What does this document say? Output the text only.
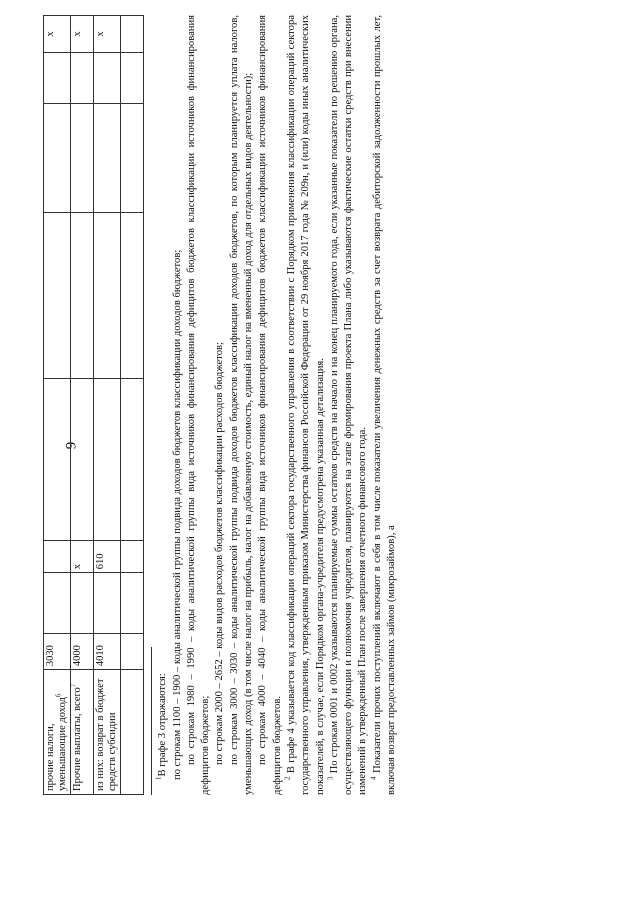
9
прочие налоги, уменьшающие доход$^6$	3030							х
Прочие выплаты, всего$^7$	4000		х					х
из них: возврат в бюджет средств субсидии	4010		610					х

$^1$В графе 3 отражаются: по строкам 1100 – 1900 – коды аналитической группы подвида доходов бюджетов классификации доходов бюджетов; по строкам 1980 – 1990 – коды аналитической группы вида источников финансирования дефицитов бюджетов классификации источников финансирования дефицитов бюджетов; по строкам 2000 – 2652 – коды видов расходов бюджетов классификации расходов бюджетов; по строкам 3000 – 3030 – коды аналитической группы подвида доходов бюджетов классификации доходов бюджетов, по которым планируется уплата налогов, уменьшающих доход (в том числе налог на прибыль, налог на добавленную стоимость, единый налог на вмененный доход для отдельных видов деятельности); по строкам 4000 – 4040 – коды аналитической группы вида источников финансирования дефицитов бюджетов классификации источников финансирования дефицитов бюджетов. $^2$ В графе 4 указывается код классификации операций сектора государственного управления в соответствии с Порядком применения классификации операций сектора государственного управления, утвержденным приказом Министерства финансов Российской Федерации от 29 ноября 2017 года № 209н, и (или) коды иных аналитических показателей, в случае, если Порядком органа-учредителя предусмотрена указанная детализация. $^3$ По строкам 0001 и 0002 указываются планируемые суммы остатков средств на начало и на конец планируемого года, если указанные показатели по решению органа, осуществляющего функции и полномочия учредителя, планируются на этапе формирования проекта Плана либо указываются фактические остатки средств при внесении изменений в утвержденный План после завершения отчетного финансового года. $^4$ Показатели прочих поступлений включают в себя в том числе показатели увеличения денежных средств за счет возврата дебиторской задолженности прошлых лет, включая возврат предоставленных займов (микрозаймов), а
